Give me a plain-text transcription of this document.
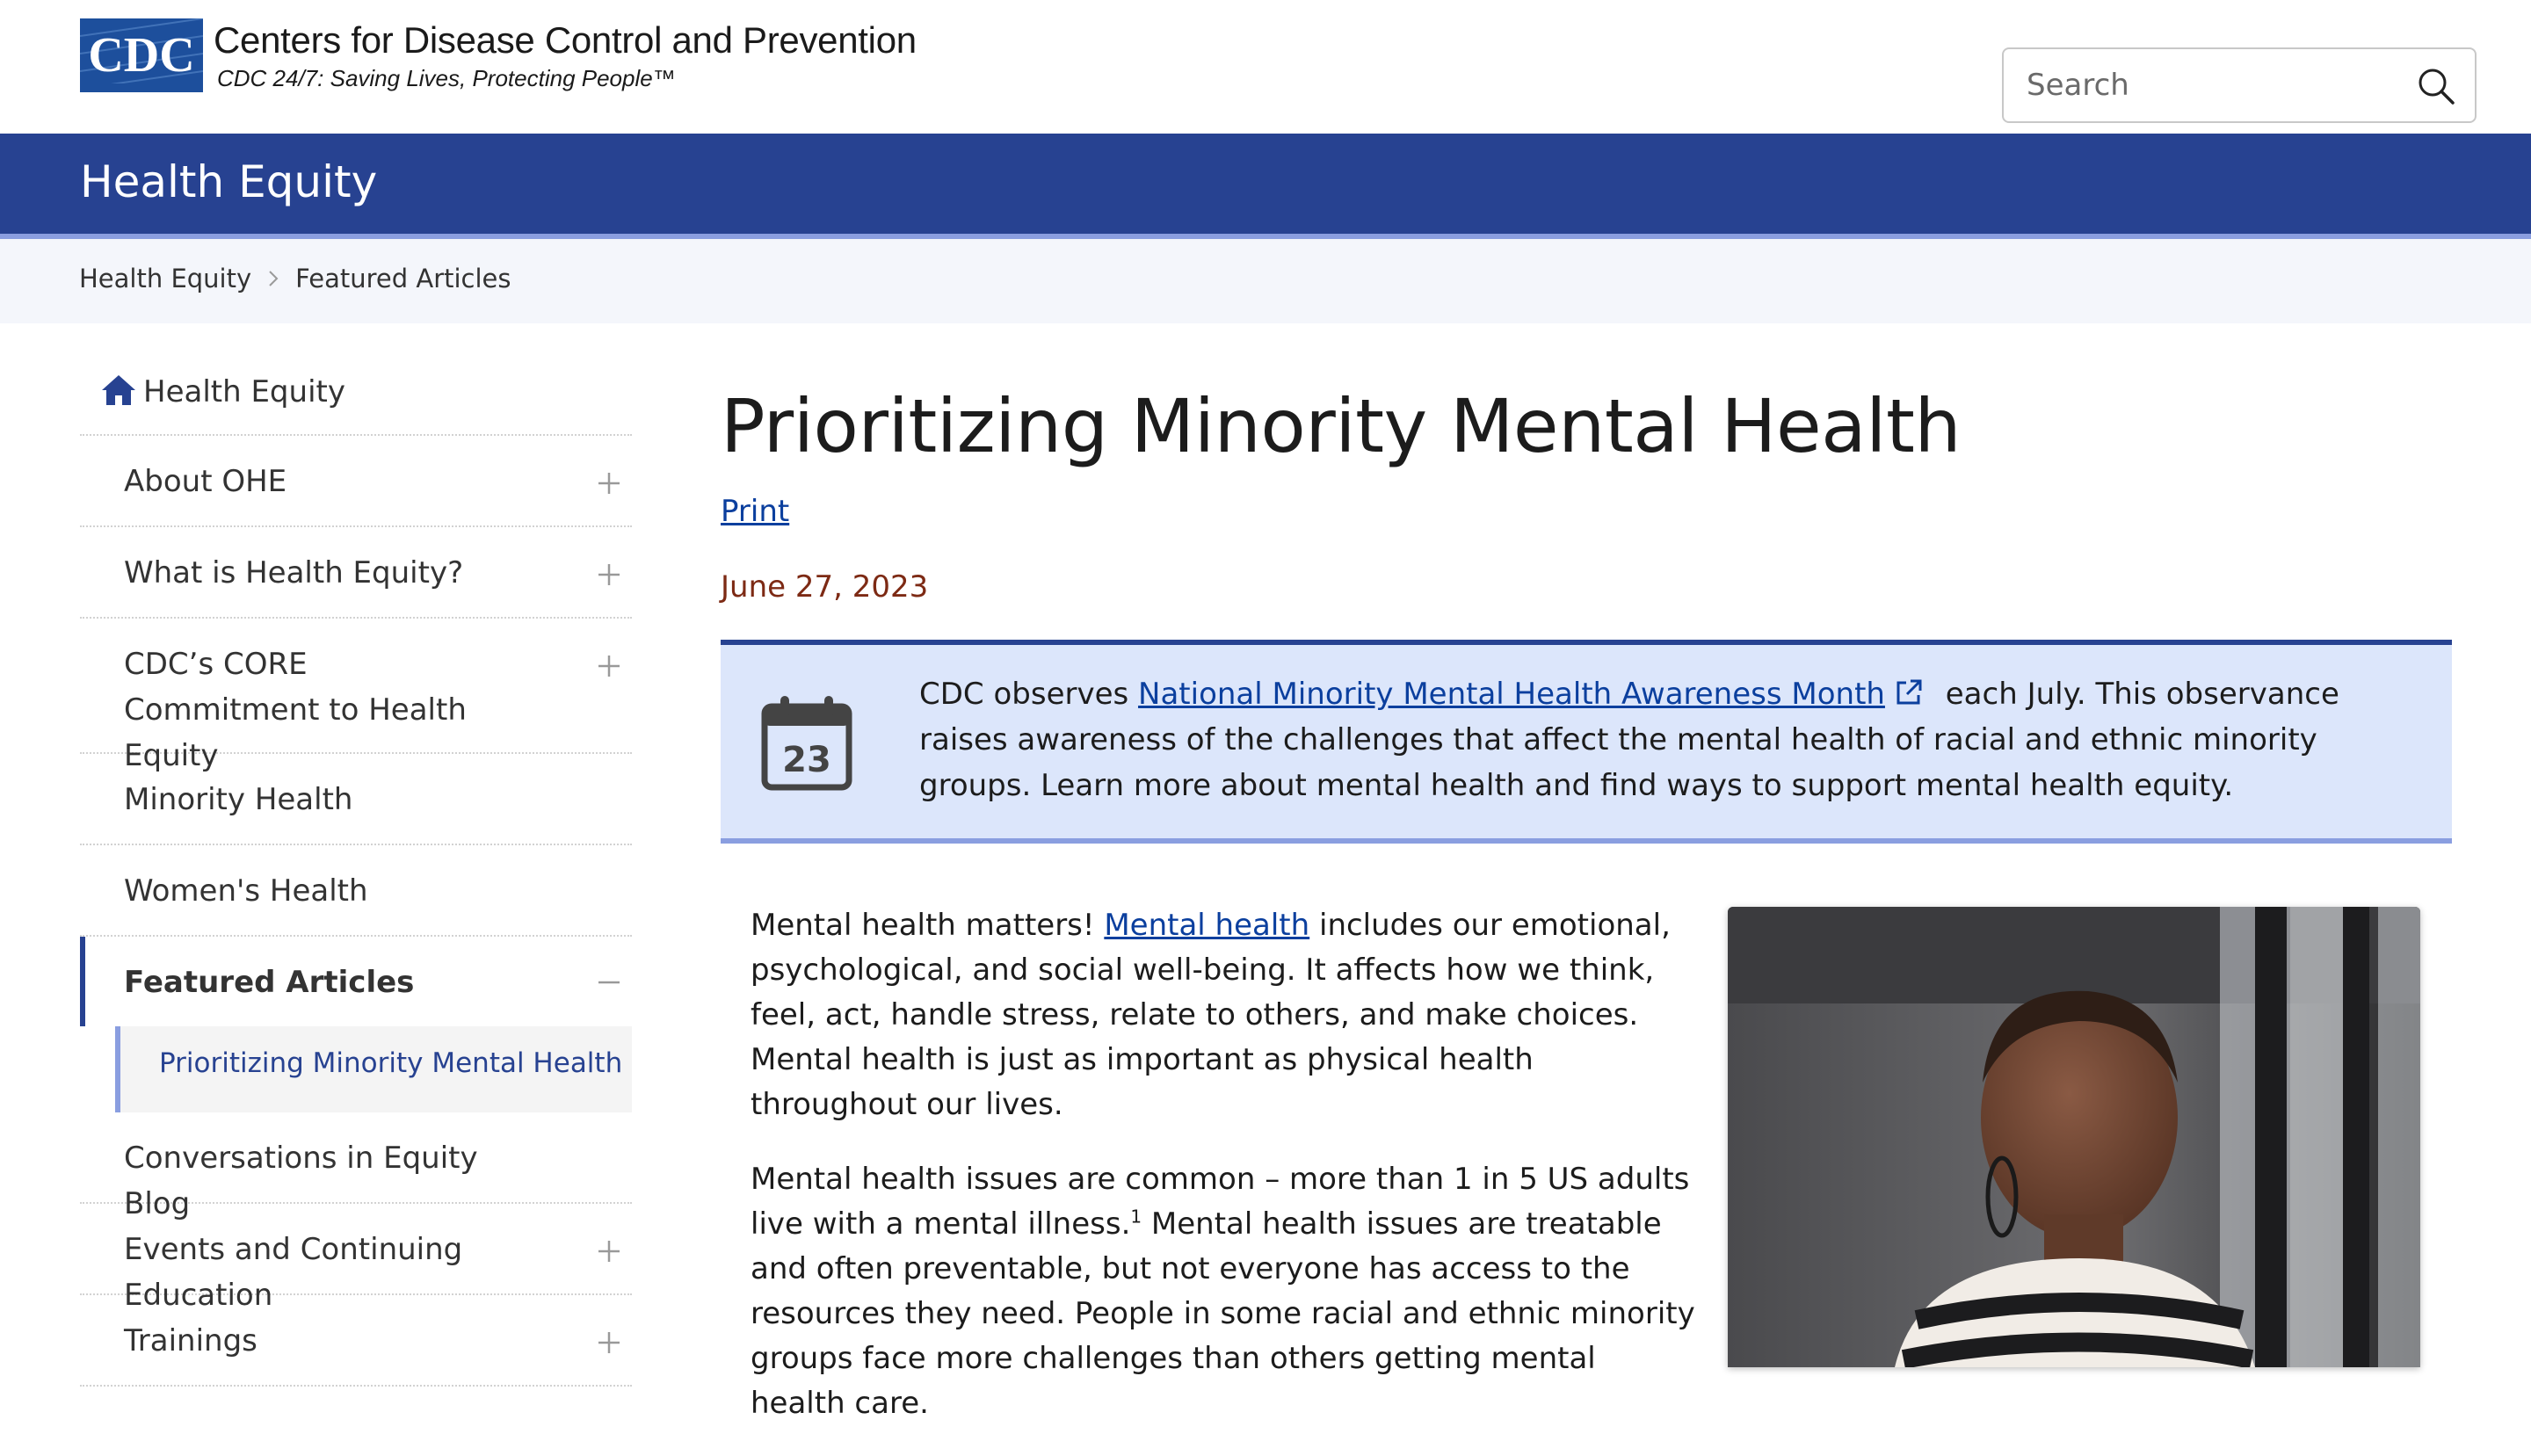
CDC Centers for Disease Control and Prevention
CDC 24/7: Saving Lives, Protecting People™
Search
Health Equity
Health Equity Featured Articles
Health Equity
About OHE
What is Health Equity?
CDC’s CORE Commitment to Health Equity
Minority Health
Women's Health
Featured Articles
Prioritizing Minority Mental Health
Conversations in Equity Blog
Events and Continuing Education
Trainings
Prioritizing Minority Mental Health
Print
June 27, 2023
23
CDC observes National Minority Mental Health Awareness Month each July. This observance raises awareness of the challenges that affect the mental health of racial and ethnic minority groups. Learn more about mental health and find ways to support mental health equity.

Mental health matters! Mental health includes our emotional, psychological, and social well-being. It affects how we think, feel, act, handle stress, relate to others, and make choices. Mental health is just as important as physical health throughout our lives.

Mental health issues are common – more than 1 in 5 US adults live with a mental illness.$^1$ Mental health issues are treatable and often preventable, but not everyone has access to the resources they need. People in some racial and ethnic minority groups face more challenges than others getting mental health care.
